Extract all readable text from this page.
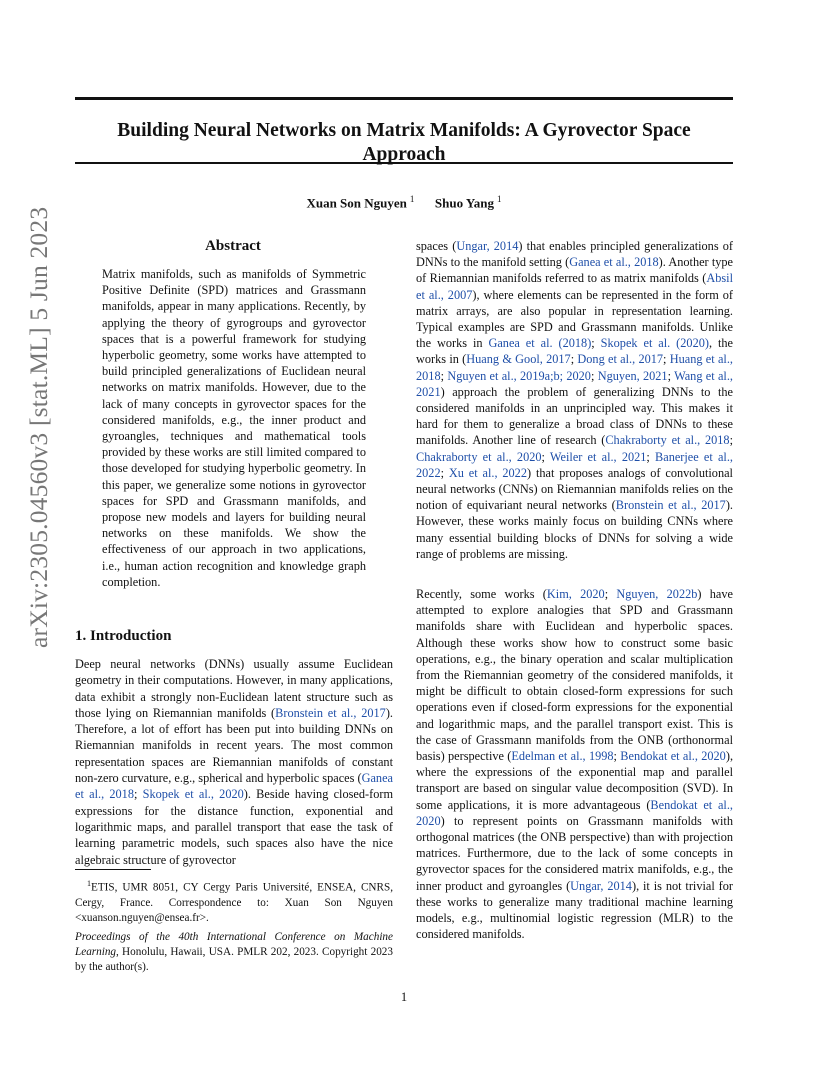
arXiv:2305.04560v3 [stat.ML] 5 Jun 2023
Building Neural Networks on Matrix Manifolds: A Gyrovector Space Approach
Xuan Son Nguyen $^1$ Shuo Yang $^1$
Abstract

Matrix manifolds, such as manifolds of Symmetric Positive Definite (SPD) matrices and Grassmann manifolds, appear in many applications. Recently, by applying the theory of gyrogroups and gyrovector spaces that is a powerful framework for studying hyperbolic geometry, some works have attempted to build principled generalizations of Euclidean neural networks on matrix manifolds. However, due to the lack of many concepts in gyrovector spaces for the considered manifolds, e.g., the inner product and gyroangles, techniques and mathematical tools provided by these works are still limited compared to those developed for studying hyperbolic geometry. In this paper, we generalize some notions in gyrovector spaces for SPD and Grassmann manifolds, and propose new models and layers for building neural networks on these manifolds. We show the effectiveness of our approach in two applications, i.e., human action recognition and knowledge graph completion.

1. Introduction

Deep neural networks (DNNs) usually assume Euclidean geometry in their computations. However, in many applications, data exhibit a strongly non-Euclidean latent structure such as those lying on Riemannian manifolds (Bronstein et al., 2017). Therefore, a lot of effort has been put into building DNNs on Riemannian manifolds in recent years. The most common representation spaces are Riemannian manifolds of constant non-zero curvature, e.g., spherical and hyperbolic spaces (Ganea et al., 2018; Skopek et al., 2020). Beside having closed-form expressions for the distance function, exponential and logarithmic maps, and parallel transport that ease the task of learning parametric models, such spaces also have the nice algebraic structure of gyrovector

$^1$ETIS, UMR 8051, CY Cergy Paris Université, ENSEA, CNRS, Cergy, France. Correspondence to: Xuan Son Nguyen <xuanson.nguyen@ensea.fr>.

Proceedings of the 40th International Conference on Machine Learning, Honolulu, Hawaii, USA. PMLR 202, 2023. Copyright 2023 by the author(s).

spaces (Ungar, 2014) that enables principled generalizations of DNNs to the manifold setting (Ganea et al., 2018). Another type of Riemannian manifolds referred to as matrix manifolds (Absil et al., 2007), where elements can be represented in the form of matrix arrays, are also popular in representation learning. Typical examples are SPD and Grassmann manifolds. Unlike the works in Ganea et al. (2018); Skopek et al. (2020), the works in (Huang & Gool, 2017; Dong et al., 2017; Huang et al., 2018; Nguyen et al., 2019a;b; 2020; Nguyen, 2021; Wang et al., 2021) approach the problem of generalizing DNNs to the considered manifolds in an unprincipled way. This makes it hard for them to generalize a broad class of DNNs to these manifolds. Another line of research (Chakraborty et al., 2018; Chakraborty et al., 2020; Weiler et al., 2021; Banerjee et al., 2022; Xu et al., 2022) that proposes analogs of convolutional neural networks (CNNs) on Riemannian manifolds relies on the notion of equivariant neural networks (Bronstein et al., 2017). However, these works mainly focus on building CNNs where many essential building blocks of DNNs for solving a wide range of problems are missing.

Recently, some works (Kim, 2020; Nguyen, 2022b) have attempted to explore analogies that SPD and Grassmann manifolds share with Euclidean and hyperbolic spaces. Although these works show how to construct some basic operations, e.g., the binary operation and scalar multiplication from the Riemannian geometry of the considered manifolds, it might be difficult to obtain closed-form expressions for such operations even if closed-form expressions for the exponential and logarithmic maps, and the parallel transport exist. This is the case of Grassmann manifolds from the ONB (orthonormal basis) perspective (Edelman et al., 1998; Bendokat et al., 2020), where the expressions of the exponential map and parallel transport are based on singular value decomposition (SVD). In some applications, it is more advantageous (Bendokat et al., 2020) to represent points on Grassmann manifolds with orthogonal matrices (the ONB perspective) than with projection matrices. Furthermore, due to the lack of some concepts in gyrovector spaces for the considered matrix manifolds, e.g., the inner product and gyroangles (Ungar, 2014), it is not trivial for these works to generalize many traditional machine learning models, e.g., multinomial logistic regression (MLR) to the considered manifolds.

1
